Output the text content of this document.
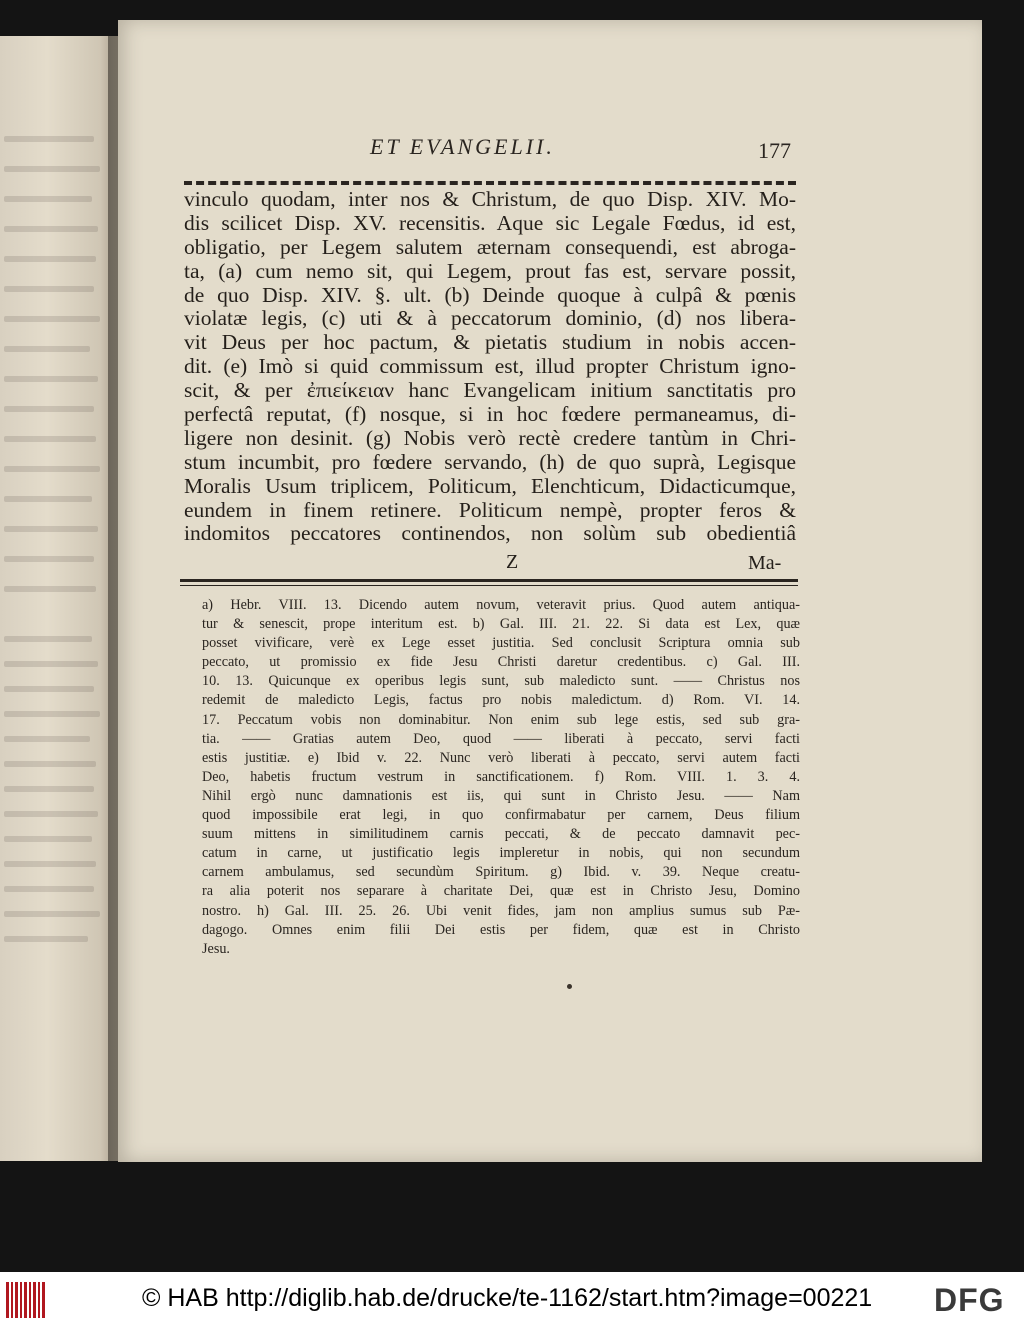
ET EVANGELII.	177
vinculo quodam, inter nos & Christum, de quo Disp. XIV. Mo-
dis scilicet Disp. XV. recensitis. Aque sic Legale Fœdus, id est,
obligatio, per Legem salutem æternam consequendi, est abroga-
ta, (a) cum nemo sit, qui Legem, prout fas est, servare possit,
de quo Disp. XIV. §. ult. (b) Deinde quoque à culpâ & pœnis
violatæ legis, (c) uti & à peccatorum dominio, (d) nos libera-
vit Deus per hoc pactum, & pietatis studium in nobis accen-
dit. (e) Imò si quid commissum est, illud propter Christum igno-
scit, & per ἐπιείκειαν hanc Evangelicam initium sanctitatis pro
perfectâ reputat, (f) nosque, si in hoc fœdere permaneamus, di-
ligere non desinit. (g) Nobis verò rectè credere tantùm in Chri-
stum incumbit, pro fœdere servando, (h) de quo suprà, Legisque
Moralis Usum triplicem, Politicum, Elenchticum, Didacticumque,
eundem in finem retinere. Politicum nempè, propter feros &
indomitos peccatores continendos, non solùm sub obedientiâ
Z	Ma-
a) Hebr. VIII. 13. Dicendo autem novum, veteravit prius. Quod autem antiqua-
tur & senescit, prope interitum est. b) Gal. III. 21. 22. Si data est Lex, quæ
posset vivificare, verè ex Lege esset justitia. Sed conclusit Scriptura omnia sub
peccato, ut promissio ex fide Jesu Christi daretur credentibus. c) Gal. III.
10. 13. Quicunque ex operibus legis sunt, sub maledicto sunt. —— Christus nos
redemit de maledicto Legis, factus pro nobis maledictum. d) Rom. VI. 14.
17. Peccatum vobis non dominabitur. Non enim sub lege estis, sed sub gra-
tia. —— Gratias autem Deo, quod —— liberati à peccato, servi facti
estis justitiæ. e) Ibid v. 22. Nunc verò liberati à peccato, servi autem facti
Deo, habetis fructum vestrum in sanctificationem. f) Rom. VIII. 1. 3. 4.
Nihil ergò nunc damnationis est iis, qui sunt in Christo Jesu. —— Nam
quod impossibile erat legi, in quo confirmabatur per carnem, Deus filium
suum mittens in similitudinem carnis peccati, & de peccato damnavit pec-
catum in carne, ut justificatio legis impleretur in nobis, qui non secundum
carnem ambulamus, sed secundùm Spiritum. g) Ibid. v. 39. Neque creatu-
ra alia poterit nos separare à charitate Dei, quæ est in Christo Jesu, Domino
nostro. h) Gal. III. 25. 26. Ubi venit fides, jam non amplius sumus sub Pæ-
dagogo. Omnes enim filii Dei estis per fidem, quæ est in Christo
Jesu.
© HAB http://diglib.hab.de/drucke/te-1162/start.htm?image=00221 DFG
